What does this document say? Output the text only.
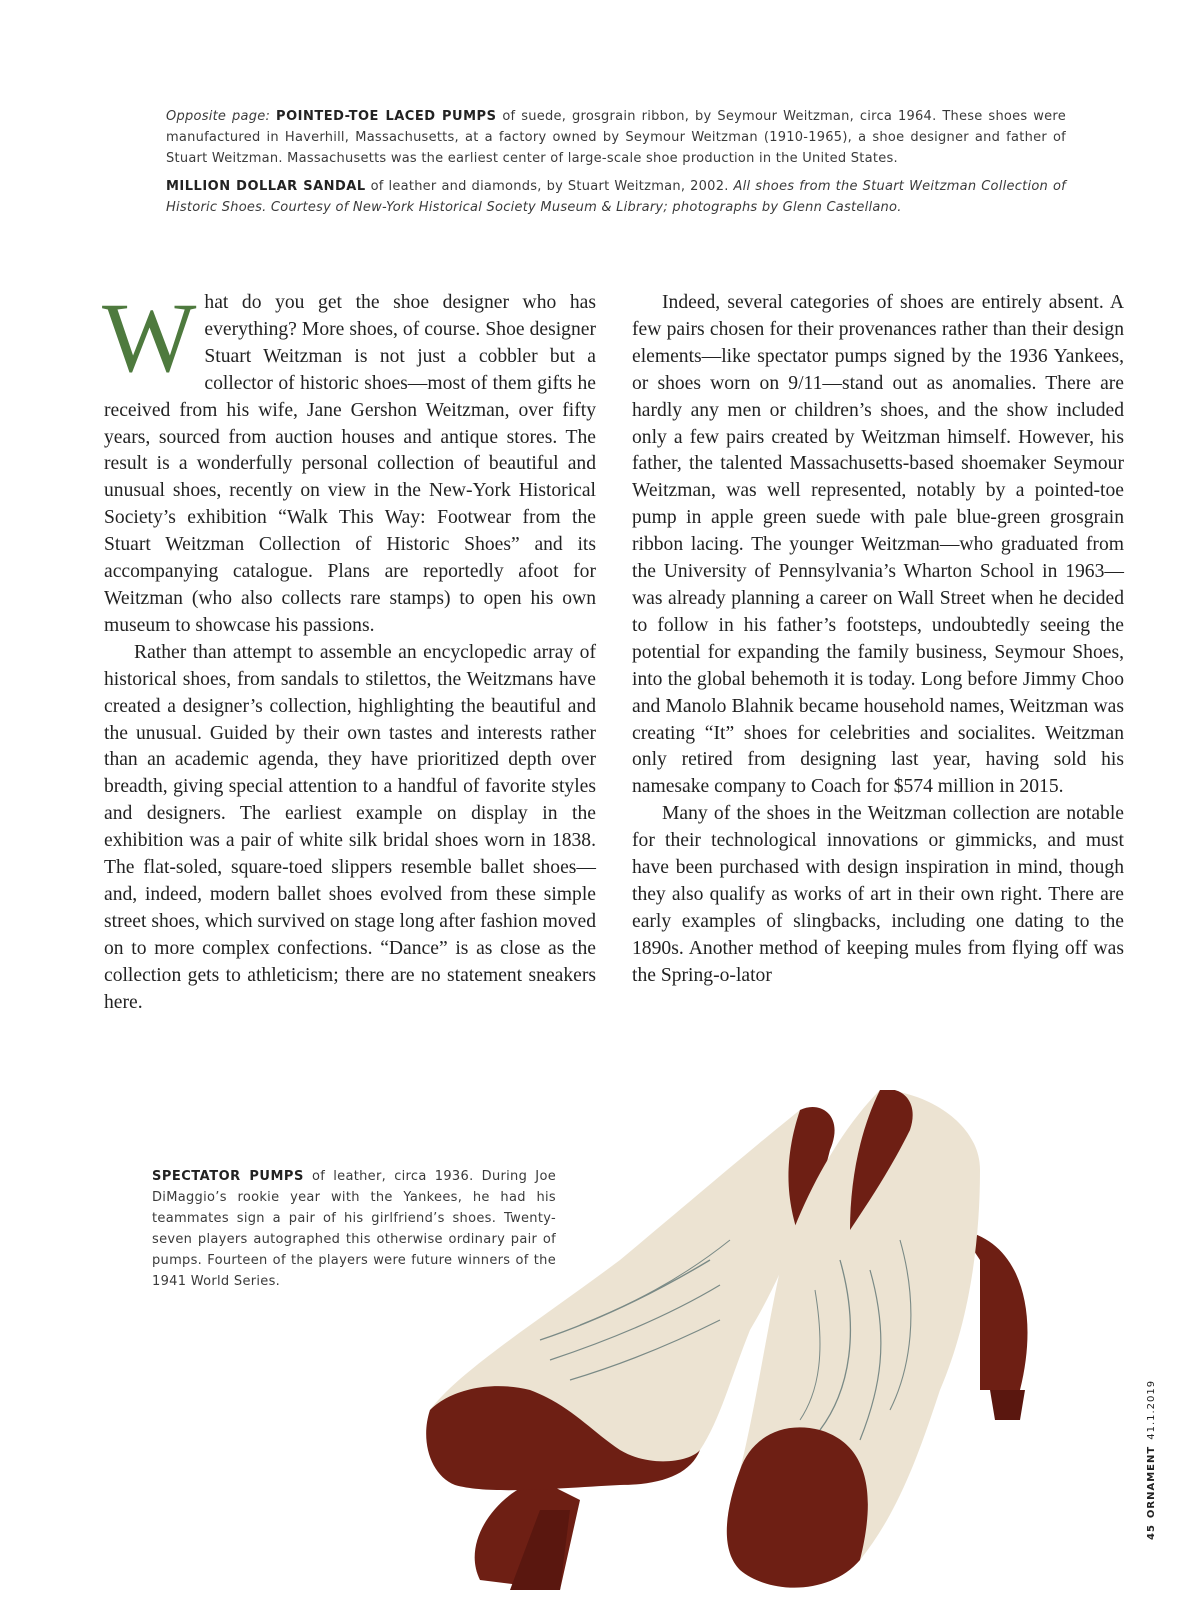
Opposite page: POINTED-TOE LACED PUMPS of suede, grosgrain ribbon, by Seymour Weitzman, circa 1964. These shoes were manufactured in Haverhill, Massachusetts, at a factory owned by Seymour Weitzman (1910-1965), a shoe designer and father of Stuart Weitzman. Massachusetts was the earliest center of large-scale shoe production in the United States.

MILLION DOLLAR SANDAL of leather and diamonds, by Stuart Weitzman, 2002. All shoes from the Stuart Weitzman Collection of Historic Shoes. Courtesy of New-York Historical Society Museum & Library; photographs by Glenn Castellano.

What do you get the shoe designer who has everything? More shoes, of course. Shoe designer Stuart Weitzman is not just a cobbler but a collector of historic shoes—most of them gifts he received from his wife, Jane Gershon Weitzman, over fifty years, sourced from auction houses and antique stores. The result is a wonderfully personal collection of beautiful and unusual shoes, recently on view in the New-York Historical Society’s exhibition “Walk This Way: Footwear from the Stuart Weitzman Collection of Historic Shoes” and its accompanying catalogue. Plans are reportedly afoot for Weitzman (who also collects rare stamps) to open his own museum to showcase his passions.

Rather than attempt to assemble an encyclopedic array of historical shoes, from sandals to stilettos, the Weitzmans have created a designer’s collection, highlighting the beautiful and the unusual. Guided by their own tastes and interests rather than an academic agenda, they have prioritized depth over breadth, giving special attention to a handful of favorite styles and designers. The earliest example on display in the exhibition was a pair of white silk bridal shoes worn in 1838. The flat-soled, square-toed slippers resemble ballet shoes—and, indeed, modern ballet shoes evolved from these simple street shoes, which survived on stage long after fashion moved on to more complex confections. “Dance” is as close as the collection gets to athleticism; there are no statement sneakers here.

Indeed, several categories of shoes are entirely absent. A few pairs chosen for their provenances rather than their design elements—like spectator pumps signed by the 1936 Yankees, or shoes worn on 9/11—stand out as anomalies. There are hardly any men or children’s shoes, and the show included only a few pairs created by Weitzman himself. However, his father, the talented Massachusetts-based shoemaker Seymour Weitzman, was well represented, notably by a pointed-toe pump in apple green suede with pale blue-green grosgrain ribbon lacing. The younger Weitzman—who graduated from the University of Pennsylvania’s Wharton School in 1963—was already planning a career on Wall Street when he decided to follow in his father’s footsteps, undoubtedly seeing the potential for expanding the family business, Seymour Shoes, into the global behemoth it is today. Long before Jimmy Choo and Manolo Blahnik became household names, Weitzman was creating “It” shoes for celebrities and socialites. Weitzman only retired from designing last year, having sold his namesake company to Coach for $574 million in 2015.

Many of the shoes in the Weitzman collection are notable for their technological innovations or gimmicks, and must have been purchased with design inspiration in mind, though they also qualify as works of art in their own right. There are early examples of slingbacks, including one dating to the 1890s. Another method of keeping mules from flying off was the Spring-o-lator

SPECTATOR PUMPS of leather, circa 1936. During Joe DiMaggio’s rookie year with the Yankees, he had his teammates sign a pair of his girlfriend’s shoes. Twenty-seven players autographed this otherwise ordinary pair of pumps. Fourteen of the players were future winners of the 1941 World Series.
45ORNAMENT41.1.2019
